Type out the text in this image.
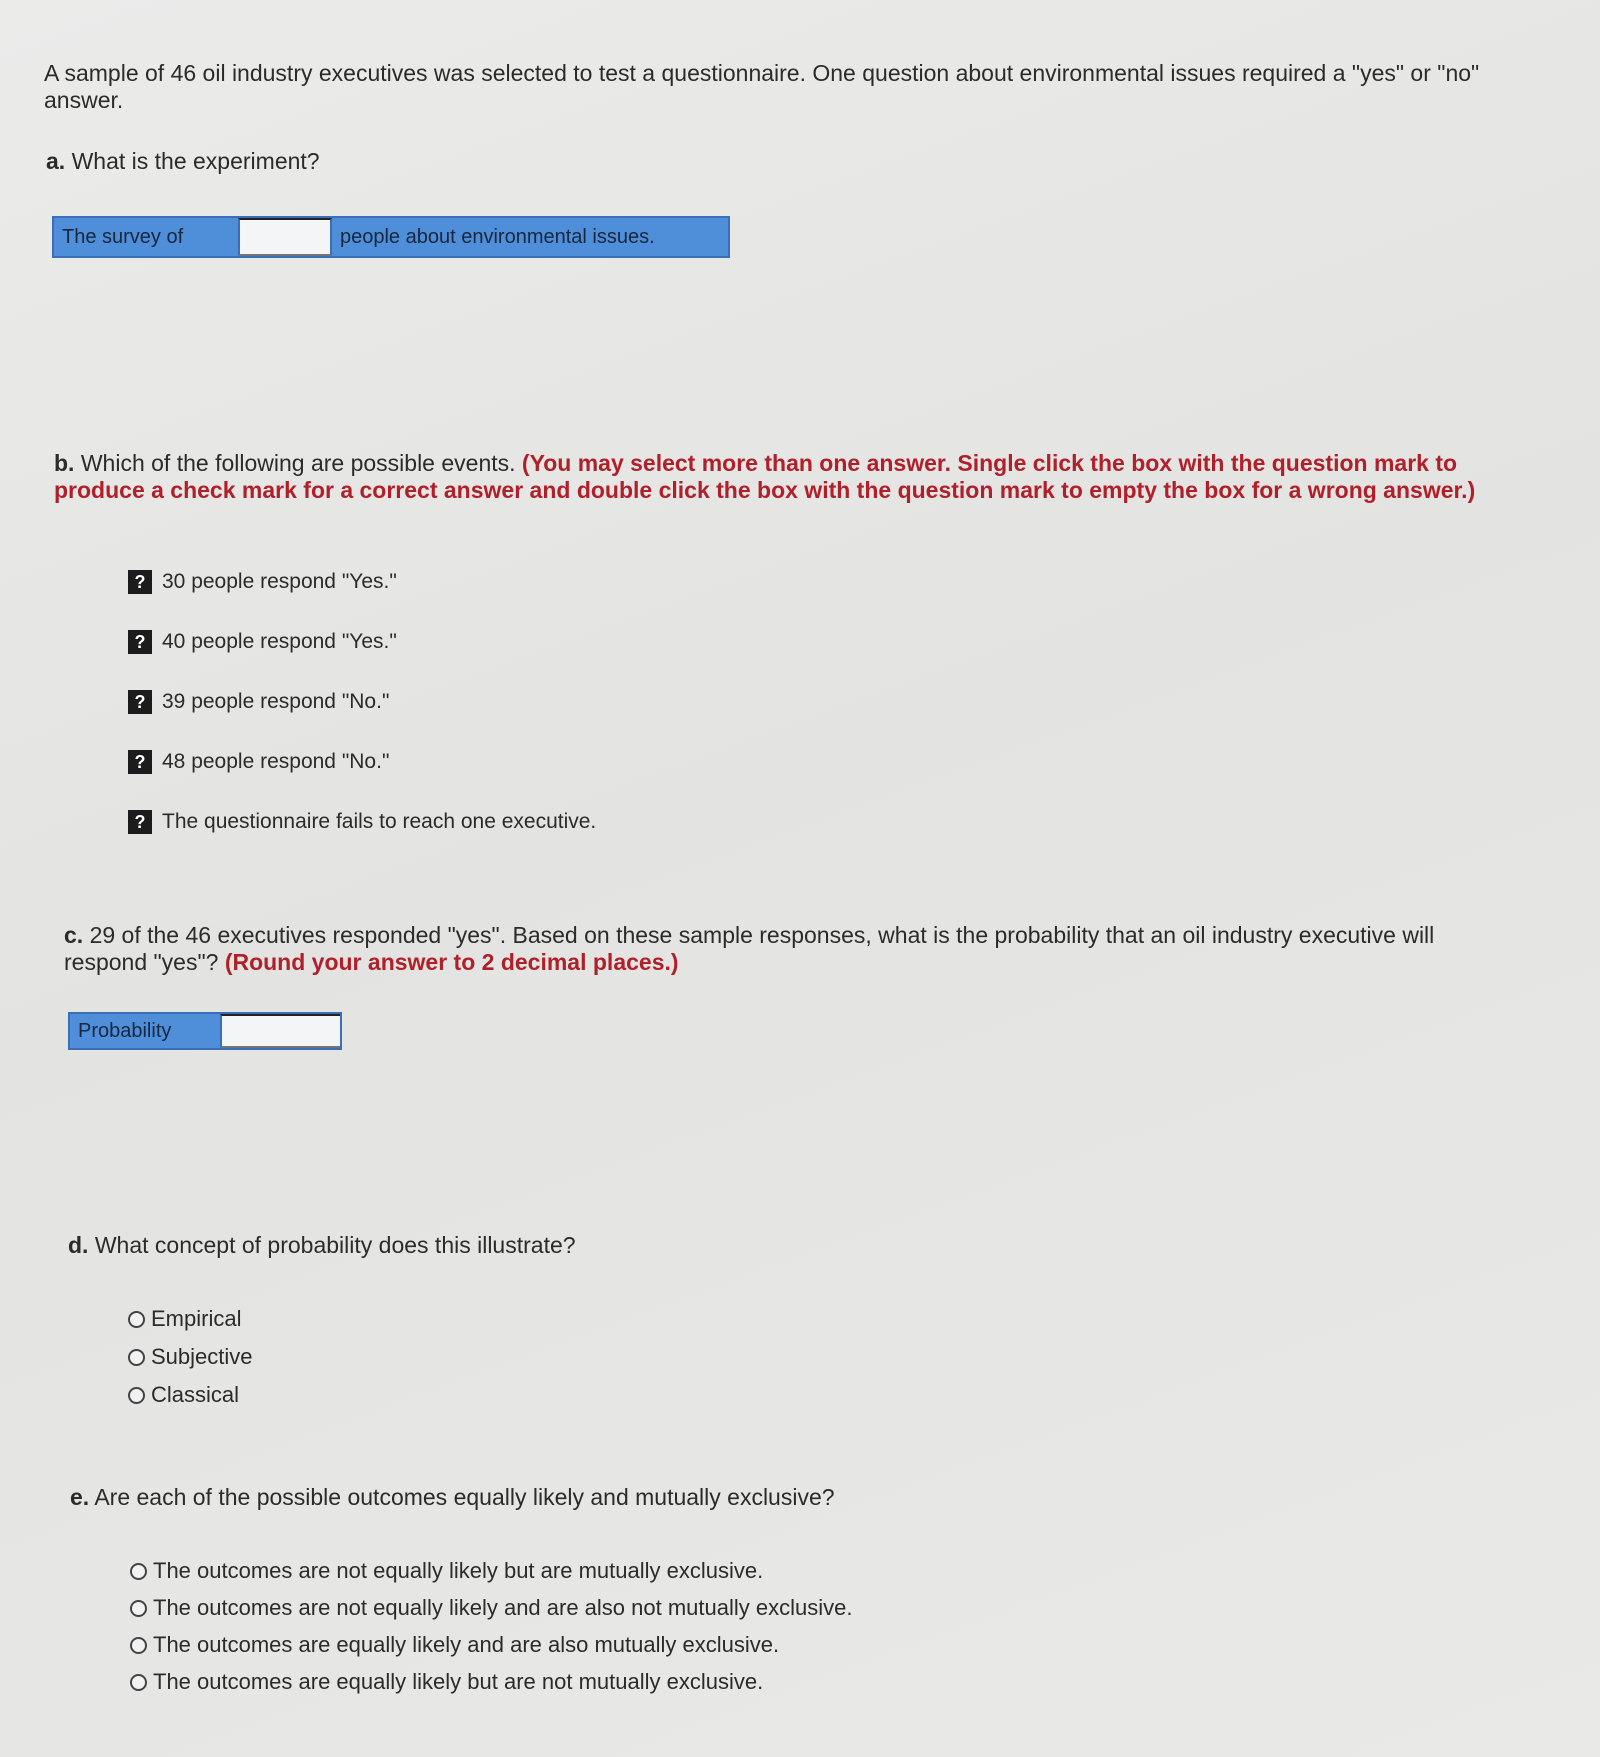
A sample of 46 oil industry executives was selected to test a questionnaire. One question about environmental issues required a "yes" or "no" answer.
a. What is the experiment?
The survey of	people about environmental issues.
b. Which of the following are possible events. (You may select more than one answer. Single click the box with the question mark to produce a check mark for a correct answer and double click the box with the question mark to empty the box for a wrong answer.)
? 30 people respond "Yes."
? 40 people respond "Yes."
? 39 people respond "No."
? 48 people respond "No."
? The questionnaire fails to reach one executive.
c. 29 of the 46 executives responded "yes". Based on these sample responses, what is the probability that an oil industry executive will respond "yes"? (Round your answer to 2 decimal places.)
Probability
d. What concept of probability does this illustrate?
Empirical
Subjective
Classical
e. Are each of the possible outcomes equally likely and mutually exclusive?
The outcomes are not equally likely but are mutually exclusive.
The outcomes are not equally likely and are also not mutually exclusive.
The outcomes are equally likely and are also mutually exclusive.
The outcomes are equally likely but are not mutually exclusive.
